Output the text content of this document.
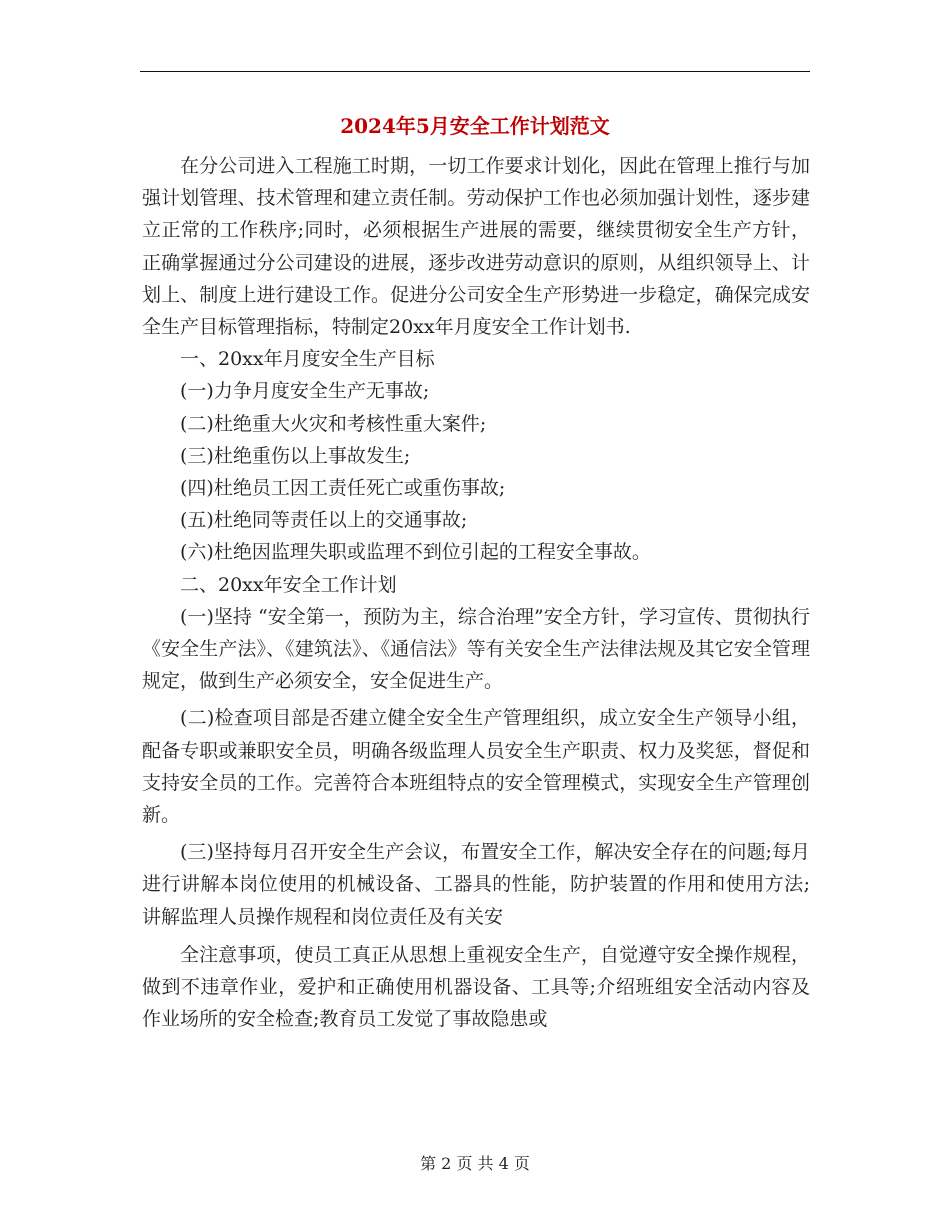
2024年5月安全工作计划范文

在分公司进入工程施工时期，一切工作要求计划化，因此在管理上推行与加强计划管理、技术管理和建立责任制。劳动保护工作也必须加强计划性，逐步建立正常的工作秩序;同时，必须根据生产进展的需要，继续贯彻安全生产方针，正确掌握通过分公司建设的进展，逐步改进劳动意识的原则，从组织领导上、计划上、制度上进行建设工作。促进分公司安全生产形势进一步稳定，确保完成安全生产目标管理指标，特制定20xx年月度安全工作计划书.

一、20xx年月度安全生产目标

(一)力争月度安全生产无事故;

(二)杜绝重大火灾和考核性重大案件;

(三)杜绝重伤以上事故发生;

(四)杜绝员工因工责任死亡或重伤事故;

(五)杜绝同等责任以上的交通事故;

(六)杜绝因监理失职或监理不到位引起的工程安全事故。

二、20xx年安全工作计划

(一)坚持 “安全第一，预防为主，综合治理”安全方针，学习宣传、贯彻执行《安全生产法》、《建筑法》、《通信法》等有关安全生产法律法规及其它安全管理规定，做到生产必须安全，安全促进生产。

(二)检查项目部是否建立健全安全生产管理组织，成立安全生产领导小组，配备专职或兼职安全员，明确各级监理人员安全生产职责、权力及奖惩，督促和支持安全员的工作。完善符合本班组特点的安全管理模式，实现安全生产管理创新。

(三)坚持每月召开安全生产会议，布置安全工作，解决安全存在的问题;每月进行讲解本岗位使用的机械设备、工器具的性能，防护装置的作用和使用方法;讲解监理人员操作规程和岗位责任及有关安

全注意事项，使员工真正从思想上重视安全生产，自觉遵守安全操作规程，做到不违章作业，爱护和正确使用机器设备、工具等;介绍班组安全活动内容及作业场所的安全检查;教育员工发觉了事故隐患或

第 2 页 共 4 页
